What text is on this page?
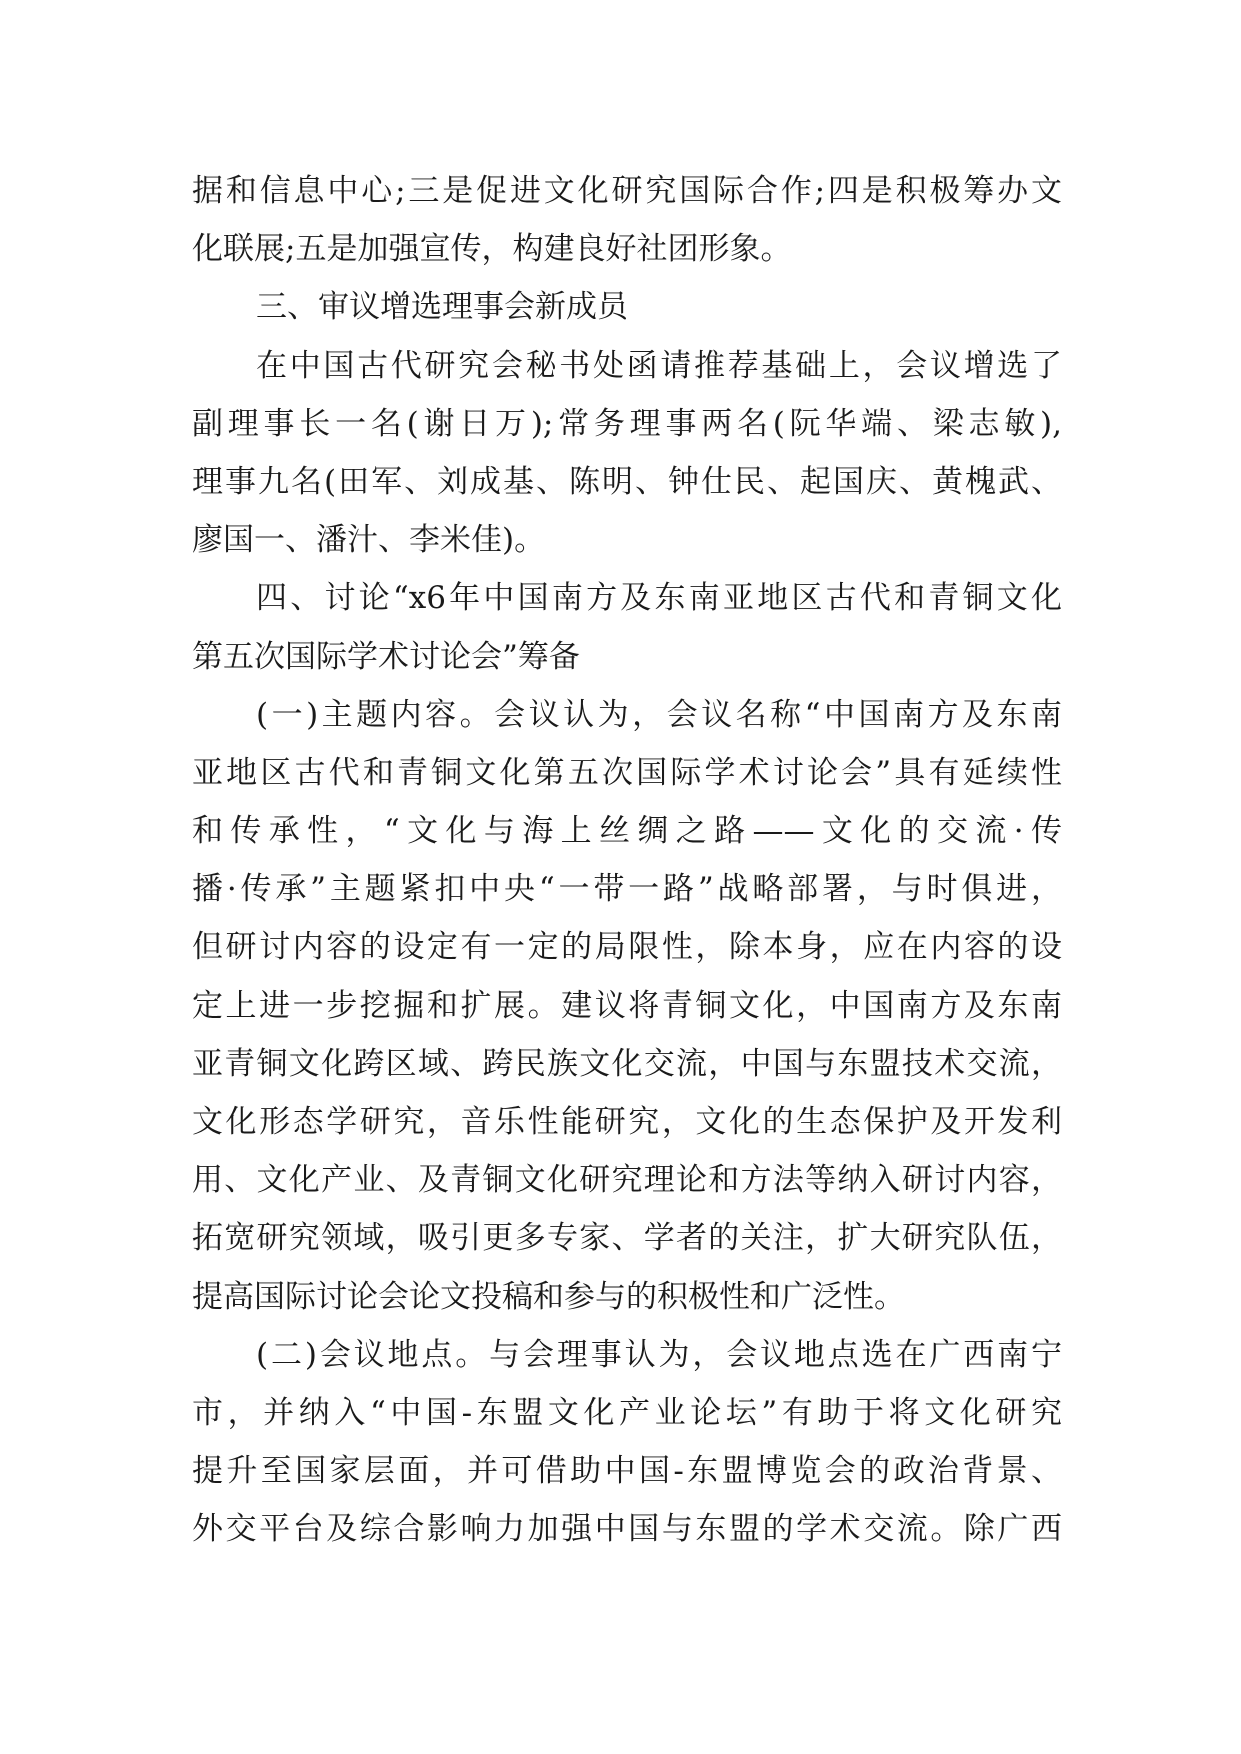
据和信息中心;三是促进文化研究国际合作;四是积极筹办文
化联展;五是加强宣传，构建良好社团形象。
三、审议增选理事会新成员
在中国古代研究会秘书处函请推荐基础上，会议增选了
副理事长一名(谢日万);常务理事两名(阮华端、梁志敏),
理事九名(田军、刘成基、陈明、钟仕民、起国庆、黄槐武、
廖国一、潘汁、李米佳)。
四、讨论“x6年中国南方及东南亚地区古代和青铜文化
第五次国际学术讨论会”筹备
(一)主题内容。会议认为，会议名称“中国南方及东南
亚地区古代和青铜文化第五次国际学术讨论会”具有延续性
和传承性，“文化与海上丝绸之路——文化的交流·传
播·传承”主题紧扣中央“一带一路”战略部署，与时俱进，
但研讨内容的设定有一定的局限性，除本身，应在内容的设
定上进一步挖掘和扩展。建议将青铜文化，中国南方及东南
亚青铜文化跨区域、跨民族文化交流，中国与东盟技术交流，
文化形态学研究，音乐性能研究，文化的生态保护及开发利
用、文化产业、及青铜文化研究理论和方法等纳入研讨内容，
拓宽研究领域，吸引更多专家、学者的关注，扩大研究队伍，
提高国际讨论会论文投稿和参与的积极性和广泛性。
(二)会议地点。与会理事认为，会议地点选在广西南宁
市，并纳入“中国-东盟文化产业论坛”有助于将文化研究
提升至国家层面，并可借助中国-东盟博览会的政治背景、
外交平台及综合影响力加强中国与东盟的学术交流。除广西
